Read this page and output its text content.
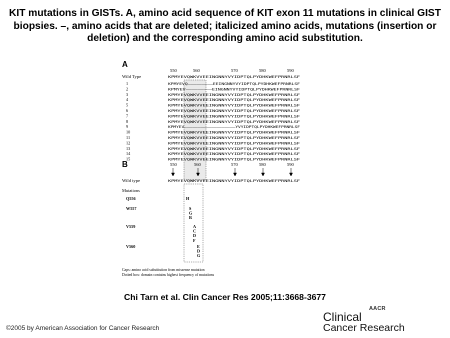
KIT mutations in GISTs. A, amino acid sequence of KIT exon 11 mutations in clinical GIST biopsies. –, amino acids that are deleted; italicized amino acids, mutations (insertion or deletion) and the corresponding amino acid substitution.
A
550	560	570	580	590
Wild Type	KPMYEVQWKVVEEINGNNYVYIDPTQLPYDHKWEFPRNRLSF
1	KPMYEVQ–––––––––EEINGNNYVYIDPTQLPYDHKWEFPRNRLSF
2	KPMYEV–––––––––EINGNNYVYIDPTQLPYDHKWEFPRNRLSF
3	KPMYEVQWKVVEEINGNNYVYIDPTQLPYDHKWEFPRNRLSF
4	KPMYEVQWKVVEEINGNNYVYIDPTQLPYDHKWEFPRNRLSF
5	KPMYEVQWKVVEEINGNNYVYIDPTQLPYDHKWEFPRNRLSF
6	KPMYEVQWKVVEEINGNNYVYIDPTQLPYDHKWEFPRNRLSF
7	KPMYEVQWKVVEEINGNNYVYIDPTQLPYDHKWEFPRNRLSF
8	KPMYEVQWKVVEEINGNNYVYIDPTQLPYDHKWEFPRNRLSF
9	KPMYEV–––––––––––––––––––YVYIDPTQLPYDHKWEFPRNRLSF
10	KPMYEVQWKVVEEINGNNYVYIDPTQLPYDHKWEFPRNRLSF
11	KPMYEVQWKVVEEINGNNYVYIDPTQLPYDHKWEFPRNRLSF
12	KPMYEVQWKVVEEINGNNYVYIDPTQLPYDHKWEFPRNRLSF
13	KPMYEVQWKVVEEINGNNYVYIDPTQLPYDHKWEFPRNRLSF
14	KPMYEVQWKVVEEINGNNYVYIDPTQLPYDHKWEFPRNRLSF
15	KPMYEVQWKVVEEINGNNYVYIDPTQLPYDHKWEFPRNRLSF
B	550	560	570	580	590
Wild type	KPMYEVQWKVVEEINGNNYVYIDPTQLPYDHKWEFPRNRLSF
Mutations
Q556	H
W557	S
G
R
V559	A
C
D
F
V560	E
D
G
Caps: amino acid substitution from missense mutation
Dotted box: domain contains highest frequency of mutations
Chi Tarn et al. Clin Cancer Res 2005;11:3668-3677
AACR
Clinical
Cancer Research
©2005 by American Association for Cancer Research
